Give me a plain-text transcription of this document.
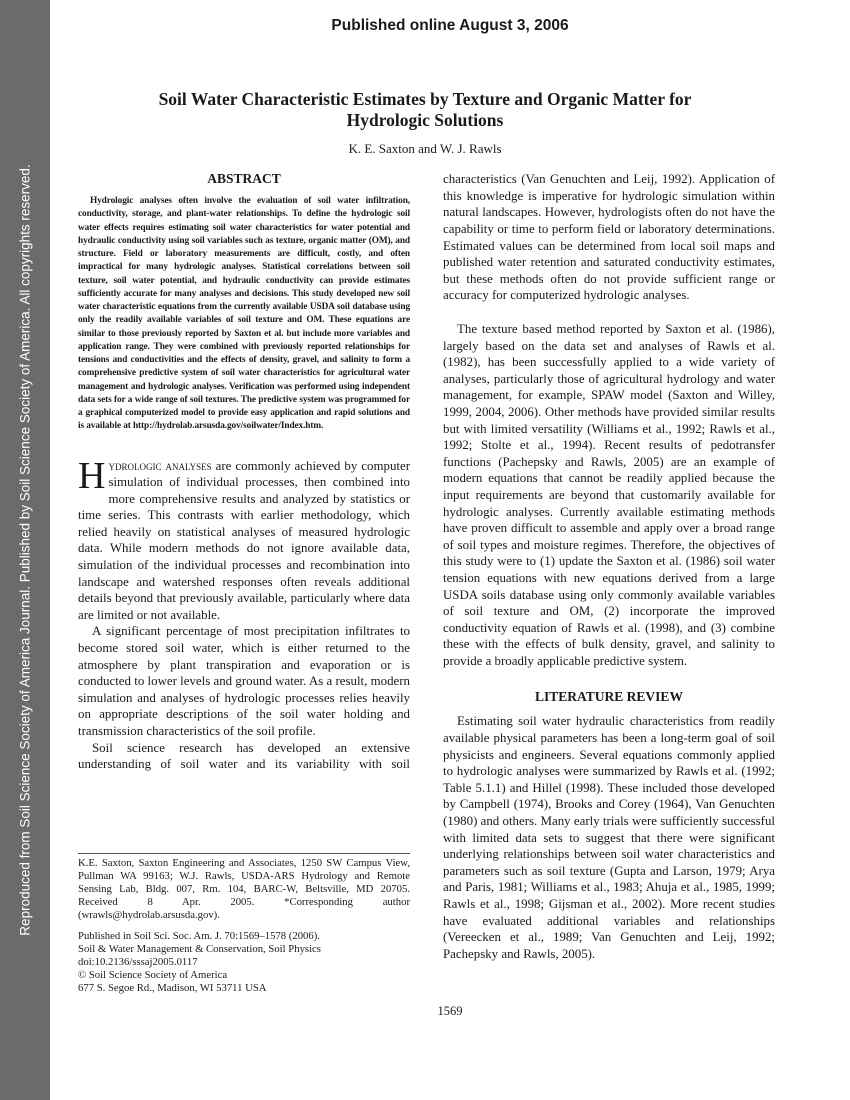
Reproduced from Soil Science Society of America Journal. Published by Soil Science Society of America. All copyrights reserved.
Published online August 3, 2006
Soil Water Characteristic Estimates by Texture and Organic Matter for Hydrologic Solutions
K. E. Saxton and W. J. Rawls
ABSTRACT

Hydrologic analyses often involve the evaluation of soil water infiltration, conductivity, storage, and plant-water relationships. To define the hydrologic soil water effects requires estimating soil water characteristics for water potential and hydraulic conductivity using soil variables such as texture, organic matter (OM), and structure. Field or laboratory measurements are difficult, costly, and often impractical for many hydrologic analyses. Statistical correlations between soil texture, soil water potential, and hydraulic conductivity can provide estimates sufficiently accurate for many analyses and decisions. This study developed new soil water characteristic equations from the currently available USDA soil database using only the readily available variables of soil texture and OM. These equations are similar to those previously reported by Saxton et al. but include more variables and application range. They were combined with previously reported relationships for tensions and conductivities and the effects of density, gravel, and salinity to form a comprehensive predictive system of soil water characteristics for agricultural water management and hydrologic analyses. Verification was performed using independent data sets for a wide range of soil textures. The predictive system was programmed for a graphical computerized model to provide easy application and rapid solutions and is available at http://hydrolab.arsusda.gov/soilwater/Index.htm.

Hydrologic analyses are commonly achieved by computer simulation of individual processes, then combined into more comprehensive results and analyzed by statistics or time series. This contrasts with earlier methodology, which relied heavily on statistical analyses of measured hydrologic data. While modern methods do not ignore available data, simulation of the individual processes and recombination into landscape and watershed responses often reveals additional details beyond that previously available, particularly where data are limited or not available.

A significant percentage of most precipitation infiltrates to become stored soil water, which is either returned to the atmosphere by plant transpiration and evaporation or is conducted to lower levels and ground water. As a result, modern simulation and analyses of hydrologic processes relies heavily on appropriate descriptions of the soil water holding and transmission characteristics of the soil profile.

Soil science research has developed an extensive understanding of soil water and its variability with soil

K.E. Saxton, Saxton Engineering and Associates, 1250 SW Campus View, Pullman WA 99163; W.J. Rawls, USDA-ARS Hydrology and Remote Sensing Lab, Bldg. 007, Rm. 104, BARC-W, Beltsville, MD 20705. Received 8 Apr. 2005. *Corresponding author (wrawls@hydrolab.arsusda.gov).

Published in Soil Sci. Soc. Am. J. 70:1569–1578 (2006).
Soil & Water Management & Conservation, Soil Physics
doi:10.2136/sssaj2005.0117
© Soil Science Society of America
677 S. Segoe Rd., Madison, WI 53711 USA

characteristics (Van Genuchten and Leij, 1992). Application of this knowledge is imperative for hydrologic simulation within natural landscapes. However, hydrologists often do not have the capability or time to perform field or laboratory determinations. Estimated values can be determined from local soil maps and published water retention and saturated conductivity estimates, but these methods often do not provide sufficient range or accuracy for computerized hydrologic analyses.

The texture based method reported by Saxton et al. (1986), largely based on the data set and analyses of Rawls et al. (1982), has been successfully applied to a wide variety of analyses, particularly those of agricultural hydrology and water management, for example, SPAW model (Saxton and Willey, 1999, 2004, 2006). Other methods have provided similar results but with limited versatility (Williams et al., 1992; Rawls et al., 1992; Stolte et al., 1994). Recent results of pedotransfer functions (Pachepsky and Rawls, 2005) are an example of modern equations that cannot be readily applied because the input requirements are beyond that customarily available for hydrologic analyses. Currently available estimating methods have proven difficult to assemble and apply over a broad range of soil types and moisture regimes. Therefore, the objectives of this study were to (1) update the Saxton et al. (1986) soil water tension equations with new equations derived from a large USDA soils database using only commonly available variables of soil texture and OM, (2) incorporate the improved conductivity equation of Rawls et al. (1998), and (3) combine these with the effects of bulk density, gravel, and salinity to provide a broadly applicable predictive system.

LITERATURE REVIEW

Estimating soil water hydraulic characteristics from readily available physical parameters has been a long-term goal of soil physicists and engineers. Several equations commonly applied to hydrologic analyses were summarized by Rawls et al. (1992; Table 5.1.1) and Hillel (1998). These included those developed by Campbell (1974), Brooks and Corey (1964), Van Genuchten (1980) and others. Many early trials were sufficiently successful with limited data sets to suggest that there were significant underlying relationships between soil water characteristics and parameters such as soil texture (Gupta and Larson, 1979; Arya and Paris, 1981; Williams et al., 1983; Ahuja et al., 1985, 1999; Rawls et al., 1998; Gijsman et al., 2002). More recent studies have evaluated additional variables and relationships (Vereecken et al., 1989; Van Genuchten and Leij, 1992; Pachepsky and Rawls, 2005).

1569
